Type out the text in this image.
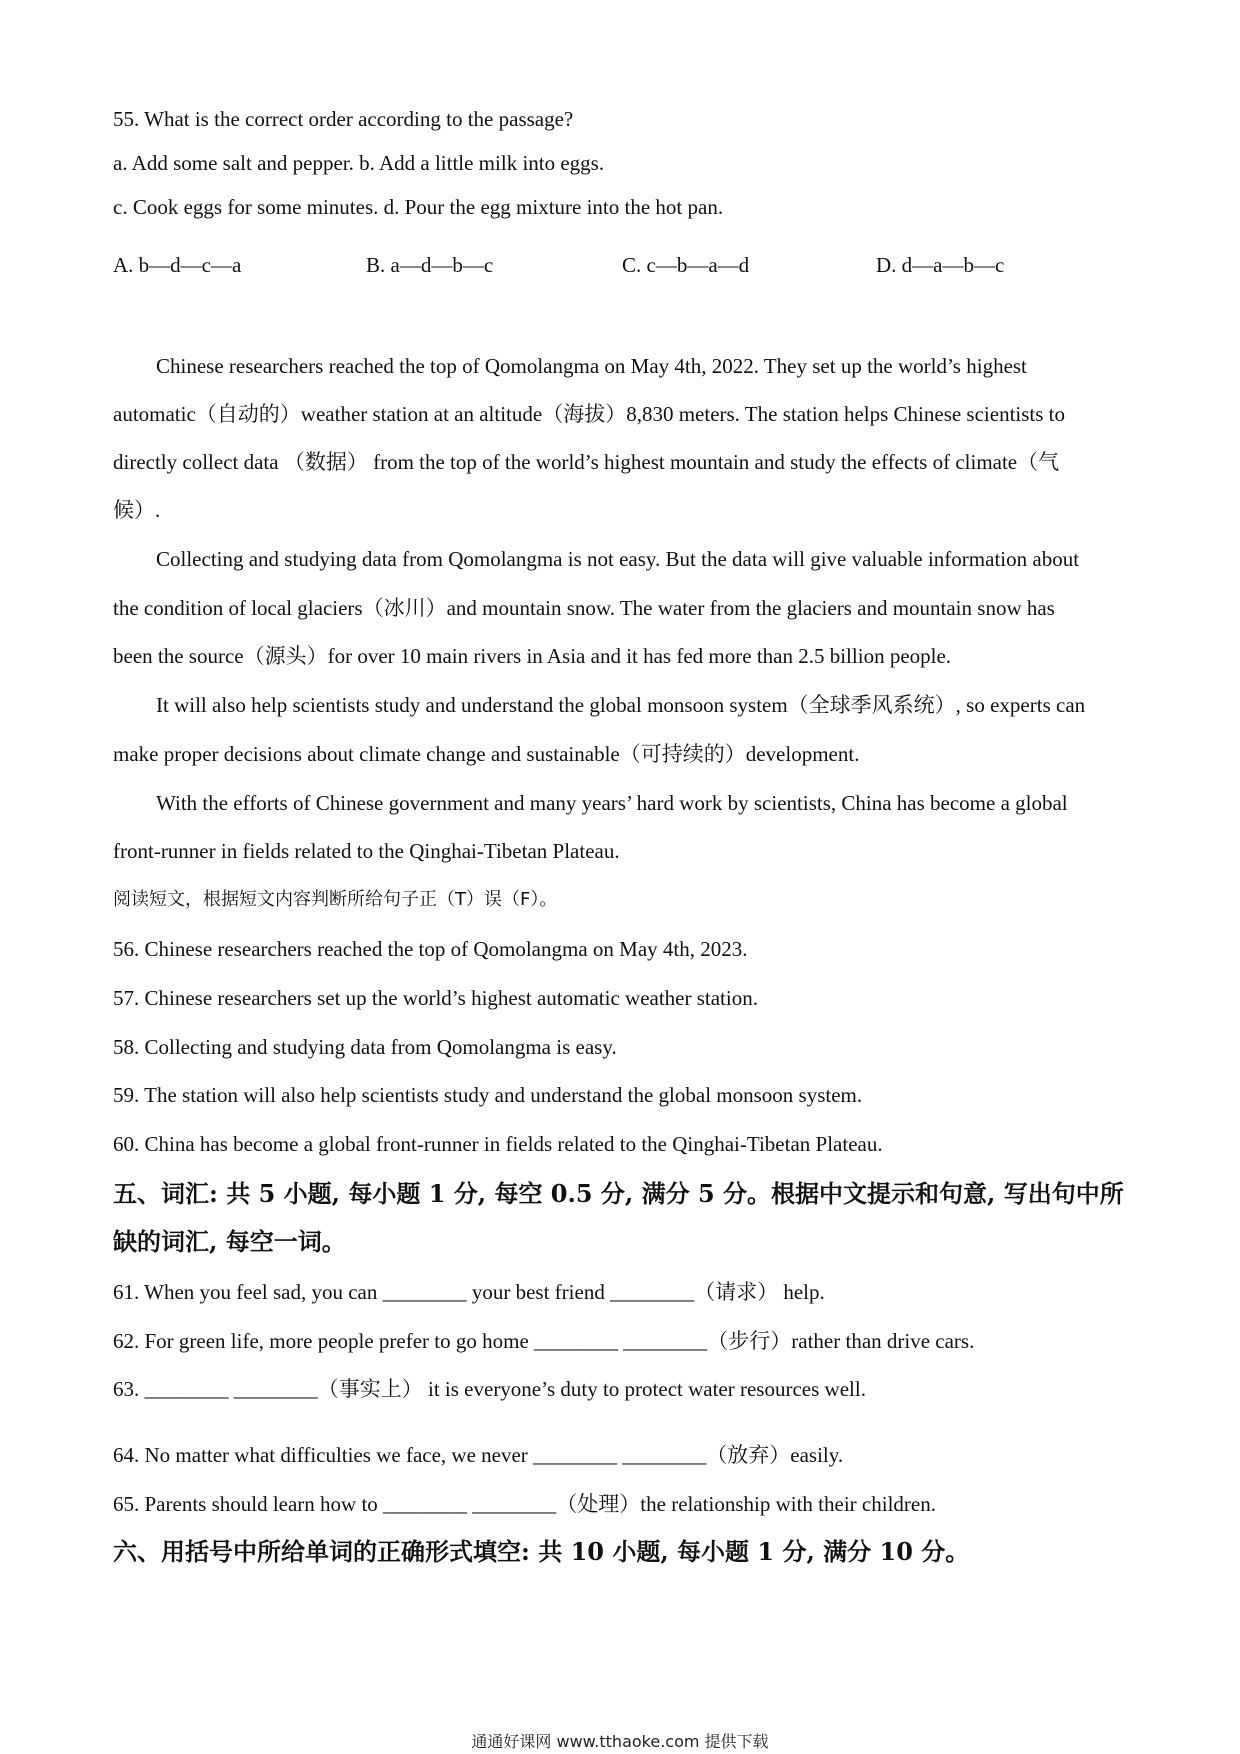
55. What is the correct order according to the passage?
a. Add some salt and pepper. b. Add a little milk into eggs.
c. Cook eggs for some minutes. d. Pour the egg mixture into the hot pan.
A. b—d—c—a	B. a—d—b—c	C. c—b—a—d	D. d—a—b—c
Chinese researchers reached the top of Qomolangma on May 4th, 2022. They set up the world’s highest
automatic（自动的）weather station at an altitude（海拔）8,830 meters. The station helps Chinese scientists to
directly collect data （数据） from the top of the world’s highest mountain and study the effects of climate（气
候）.
Collecting and studying data from Qomolangma is not easy. But the data will give valuable information about
the condition of local glaciers（冰川）and mountain snow. The water from the glaciers and mountain snow has
been the source（源头）for over 10 main rivers in Asia and it has fed more than 2.5 billion people.
It will also help scientists study and understand the global monsoon system（全球季风系统）, so experts can
make proper decisions about climate change and sustainable（可持续的）development.
With the efforts of Chinese government and many years’ hard work by scientists, China has become a global
front-runner in fields related to the Qinghai-Tibetan Plateau.
阅读短文，根据短文内容判断所给句子正（T）误（F）。
56. Chinese researchers reached the top of Qomolangma on May 4th, 2023.
57. Chinese researchers set up the world’s highest automatic weather station.
58. Collecting and studying data from Qomolangma is easy.
59. The station will also help scientists study and understand the global monsoon system.
60. China has become a global front-runner in fields related to the Qinghai-Tibetan Plateau.
五、词汇: 共 5 小题, 每小题 1 分, 每空 0.5 分, 满分 5 分。根据中文提示和句意, 写出句中所缺的词汇, 每空一词。
61. When you feel sad, you can ________ your best friend ________（请求） help.
62. For green life, more people prefer to go home ________ ________（步行）rather than drive cars.
63. ________ ________（事实上） it is everyone’s duty to protect water resources well.
64. No matter what difficulties we face, we never ________ ________（放弃）easily.
65. Parents should learn how to ________ ________（处理）the relationship with their children.
六、用括号中所给单词的正确形式填空: 共 10 小题, 每小题 1 分, 满分 10 分。
通通好课网 www.tthaoke.com 提供下载
